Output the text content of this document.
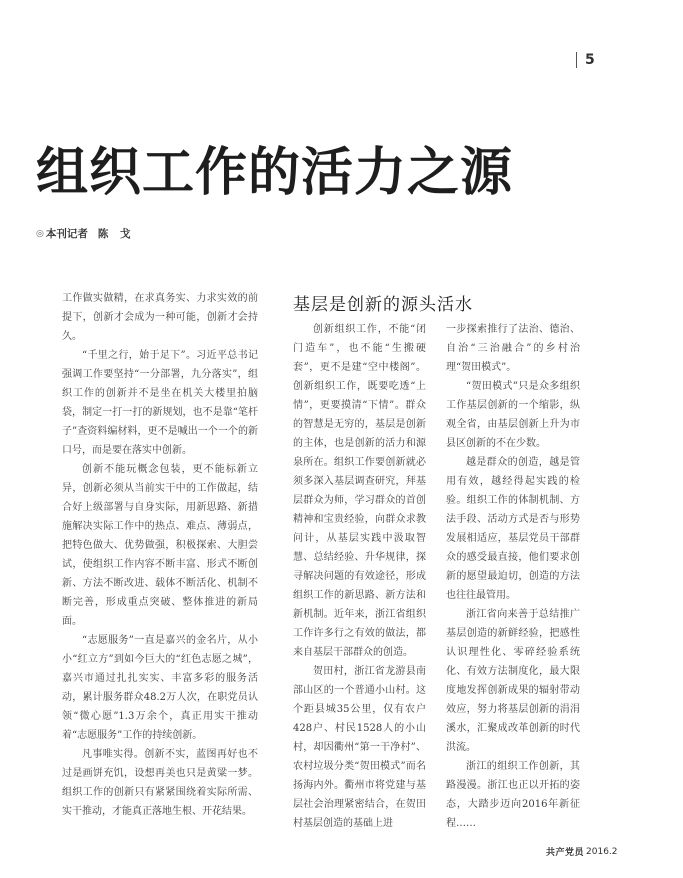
5
组织工作的活力之源
◎ 本刊记者 陈 戈

工作做实做精，在求真务实、力求实效的前提下，创新才会成为一种可能，创新才会持久。

“千里之行，始于足下”。习近平总书记强调工作要坚持“一分部署，九分落实”，组织工作的创新并不是坐在机关大楼里拍脑袋，制定一打一打的新规划，也不是靠“笔杆子”查资料编材料，更不是喊出一个一个的新口号，而是要在落实中创新。

创新不能玩概念包装，更不能标新立异，创新必须从当前实干中的工作做起，结合好上级部署与自身实际，用新思路、新措施解决实际工作中的热点、难点、薄弱点，把特色做大、优势做强，积极探索、大胆尝试，使组织工作内容不断丰富、形式不断创新、方法不断改进、载体不断活化、机制不断完善，形成重点突破、整体推进的新局面。

“志愿服务”一直是嘉兴的金名片，从小小“红立方”到如今巨大的“红色志愿之城”，嘉兴市通过扎扎实实、丰富多彩的服务活动，累计服务群众48.2万人次，在职党员认领“微心愿”1.3万余个，真正用实干推动着“志愿服务”工作的持续创新。

凡事唯实得。创新不实，蓝图再好也不过是画饼充饥，设想再美也只是黄粱一梦。组织工作的创新只有紧紧围绕着实际所需、实干推动，才能真正落地生根、开花结果。

基层是创新的源头活水

创新组织工作，不能“闭门造车”，也不能“生搬硬套”，更不是建“空中楼阁”。创新组织工作，既要吃透“上情”，更要摸清“下情”。群众的智慧是无穷的，基层是创新的主体，也是创新的活力和源泉所在。组织工作要创新就必须多深入基层调查研究，拜基层群众为师，学习群众的首创精神和宝贵经验，向群众求教问计，从基层实践中汲取智慧、总结经验、升华规律，探寻解决问题的有效途径，形成组织工作的新思路、新方法和新机制。近年来，浙江省组织工作许多行之有效的做法，都来自基层干部群众的创造。

贺田村，浙江省龙游县南部山区的一个普通小山村。这个距县城35公里，仅有农户428户、村民1528人的小山村，却因衢州“第一干净村”、农村垃圾分类“贺田模式”而名扬海内外。衢州市将党建与基层社会治理紧密结合，在贺田村基层创造的基础上进

一步探索推行了法治、德治、自治“三治融合”的乡村治理“贺田模式”。

“贺田模式”只是众多组织工作基层创新的一个缩影，纵观全省，由基层创新上升为市县区创新的不在少数。

越是群众的创造，越是管用有效，越经得起实践的检验。组织工作的体制机制、方法手段、活动方式是否与形势发展相适应，基层党员干部群众的感受最直接，他们要求创新的愿望最迫切，创造的方法也往往最管用。

浙江省向来善于总结推广基层创造的新鲜经验，把感性认识理性化、零碎经验系统化、有效方法制度化，最大限度地发挥创新成果的辐射带动效应，努力将基层创新的涓涓溪水，汇聚成改革创新的时代洪流。

浙江的组织工作创新，其路漫漫。浙江也正以开拓的姿态，大踏步迈向2016年新征程……

共产党员 2016.2
